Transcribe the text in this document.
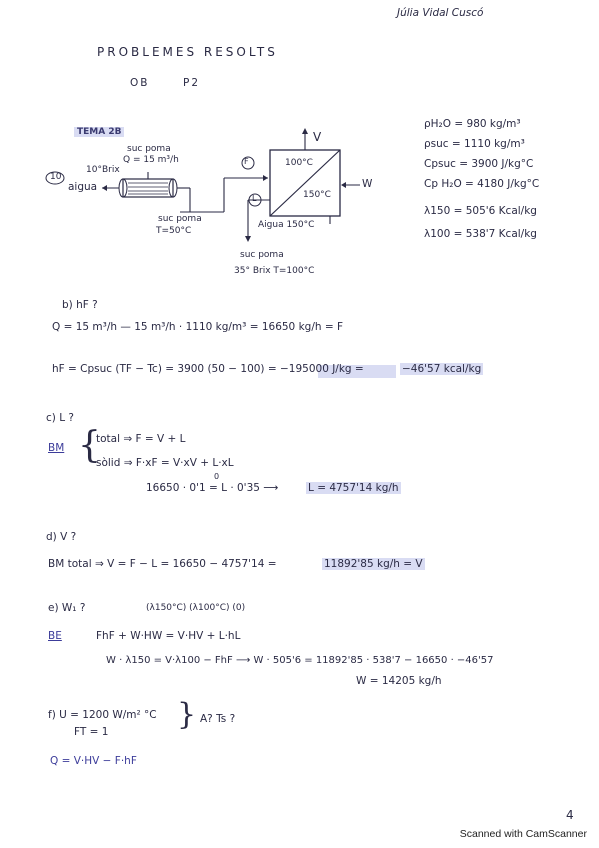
Júlia Vidal Cuscó
PROBLEMES RESOLTS
OB	P2
TEMA 2B
10
suc poma
Q = 15 m³/h
10°Brix
aigua
F
L
100°C
150°C
V
W
suc poma
T=50°C
Aigua 150°C
suc poma
35° Brix T=100°C
ρH₂O = 980 kg/m³
ρsuc = 1110 kg/m³
Cpsuc = 3900 J/kg°C
Cp H₂O = 4180 J/kg°C
λ150 = 505'6 Kcal/kg
λ100 = 538'7 Kcal/kg
b) hF ?
Q = 15 m³/h — 15 m³/h · 1110 kg/m³ = 16650 kg/h = F
hF = Cpsuc (TF − Tc) = 3900 (50 − 100) = −195000 J/kg =	−46'57 kcal/kg
c) L ?
BM {
total ⇒ F = V + L
sòlid ⇒ F·xF = V·xV + L·xL
0
16650 · 0'1 = L · 0'35 ⟶	L = 4757'14 kg/h
d) V ?
BM total ⇒ V = F − L = 16650 − 4757'14 =	11892'85 kg/h = V
e) W₁ ?	(λ150°C) (λ100°C) (0)
BE	FhF + W·HW = V·HV + L·hL
W · λ150 = V·λ100 − FhF ⟶ W · 505'6 = 11892'85 · 538'7 − 16650 · −46'57
W = 14205 kg/h
f) U = 1200 W/m² °C
FT = 1 } A? Ts ?
Q = V·HV − F·hF
4
Scanned with CamScanner
